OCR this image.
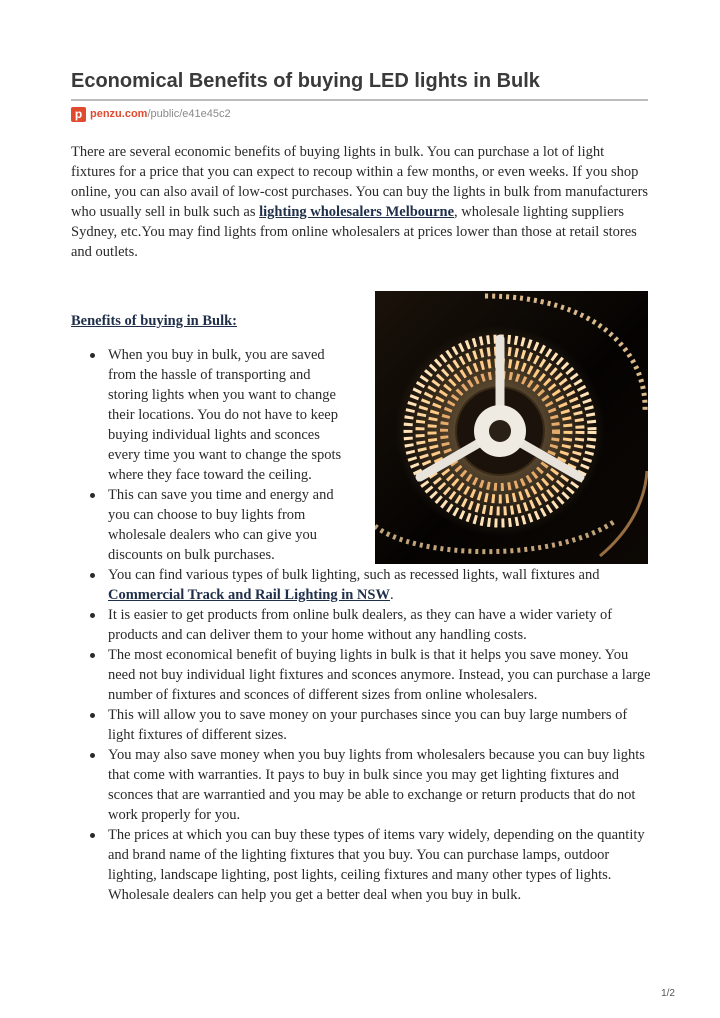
Economical Benefits of buying LED lights in Bulk
p penzu.com/public/e41e45c2

There are several economic benefits of buying lights in bulk. You can purchase a lot of light fixtures for a price that you can expect to recoup within a few months, or even weeks. If you shop online, you can also avail of low-cost purchases. You can buy the lights in bulk from manufacturers who usually sell in bulk such as lighting wholesalers Melbourne, wholesale lighting suppliers Sydney, etc.You may find lights from online wholesalers at prices lower than those at retail stores and outlets.

Benefits of buying in Bulk:
When you buy in bulk, you are saved from the hassle of transporting and storing lights when you want to change their locations. You do not have to keep buying individual lights and sconces every time you want to change the spots where they face toward the ceiling.
This can save you time and energy and you can choose to buy lights from wholesale dealers who can give you discounts on bulk purchases.
You can find various types of bulk lighting, such as recessed lights, wall fixtures and Commercial Track and Rail Lighting in NSW.
It is easier to get products from online bulk dealers, as they can have a wider variety of products and can deliver them to your home without any handling costs.
The most economical benefit of buying lights in bulk is that it helps you save money. You need not buy individual light fixtures and sconces anymore. Instead, you can purchase a large number of fixtures and sconces of different sizes from online wholesalers.
This will allow you to save money on your purchases since you can buy large numbers of light fixtures of different sizes.
You may also save money when you buy lights from wholesalers because you can buy lights that come with warranties. It pays to buy in bulk since you may get lighting fixtures and sconces that are warrantied and you may be able to exchange or return products that do not work properly for you.
The prices at which you can buy these types of items vary widely, depending on the quantity and brand name of the lighting fixtures that you buy. You can purchase lamps, outdoor lighting, landscape lighting, post lights, ceiling fixtures and many other types of lights. Wholesale dealers can help you get a better deal when you buy in bulk.
1/2
